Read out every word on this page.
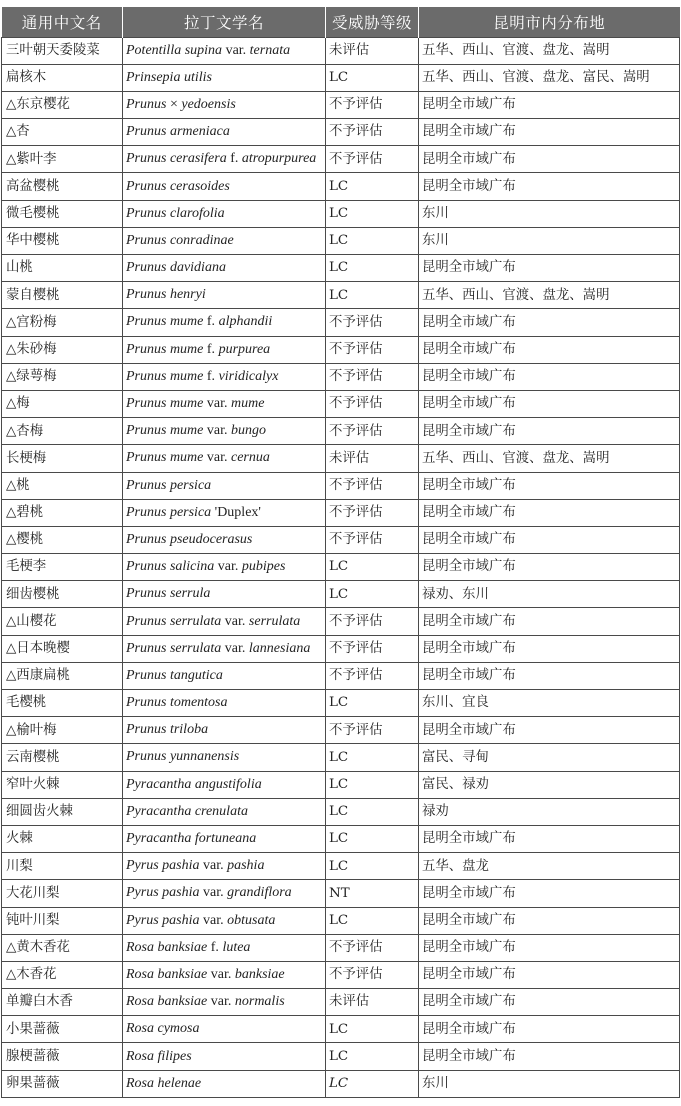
通用中文名	拉丁文学名	受威胁等级	昆明市内分布地
三叶朝天委陵菜	Potentilla supina var. ternata	未评估	五华、西山、官渡、盘龙、嵩明
扁核木	Prinsepia utilis	LC	五华、西山、官渡、盘龙、富民、嵩明
△东京樱花	Prunus × yedoensis	不予评估	昆明全市域广布
△杏	Prunus armeniaca	不予评估	昆明全市域广布
△紫叶李	Prunus cerasifera f. atropurpurea	不予评估	昆明全市域广布
高盆樱桃	Prunus cerasoides	LC	昆明全市域广布
微毛樱桃	Prunus clarofolia	LC	东川
华中樱桃	Prunus conradinae	LC	东川
山桃	Prunus davidiana	LC	昆明全市域广布
蒙自樱桃	Prunus henryi	LC	五华、西山、官渡、盘龙、嵩明
△宫粉梅	Prunus mume f. alphandii	不予评估	昆明全市域广布
△朱砂梅	Prunus mume f. purpurea	不予评估	昆明全市域广布
△绿萼梅	Prunus mume f. viridicalyx	不予评估	昆明全市域广布
△梅	Prunus mume var. mume	不予评估	昆明全市域广布
△杏梅	Prunus mume var. bungo	不予评估	昆明全市域广布
长梗梅	Prunus mume var. cernua	未评估	五华、西山、官渡、盘龙、嵩明
△桃	Prunus persica	不予评估	昆明全市域广布
△碧桃	Prunus persica 'Duplex'	不予评估	昆明全市域广布
△樱桃	Prunus pseudocerasus	不予评估	昆明全市域广布
毛梗李	Prunus salicina var. pubipes	LC	昆明全市域广布
细齿樱桃	Prunus serrula	LC	禄劝、东川
△山樱花	Prunus serrulata var. serrulata	不予评估	昆明全市域广布
△日本晚樱	Prunus serrulata var. lannesiana	不予评估	昆明全市域广布
△西康扁桃	Prunus tangutica	不予评估	昆明全市域广布
毛樱桃	Prunus tomentosa	LC	东川、宜良
△榆叶梅	Prunus triloba	不予评估	昆明全市域广布
云南樱桃	Prunus yunnanensis	LC	富民、寻甸
窄叶火棘	Pyracantha angustifolia	LC	富民、禄劝
细圆齿火棘	Pyracantha crenulata	LC	禄劝
火棘	Pyracantha fortuneana	LC	昆明全市域广布
川梨	Pyrus pashia var. pashia	LC	五华、盘龙
大花川梨	Pyrus pashia var. grandiflora	NT	昆明全市域广布
钝叶川梨	Pyrus pashia var. obtusata	LC	昆明全市域广布
△黄木香花	Rosa banksiae f. lutea	不予评估	昆明全市域广布
△木香花	Rosa banksiae var. banksiae	不予评估	昆明全市域广布
单瓣白木香	Rosa banksiae var. normalis	未评估	昆明全市域广布
小果蔷薇	Rosa cymosa	LC	昆明全市域广布
腺梗蔷薇	Rosa filipes	LC	昆明全市域广布
卵果蔷薇	Rosa helenae	LC	东川
